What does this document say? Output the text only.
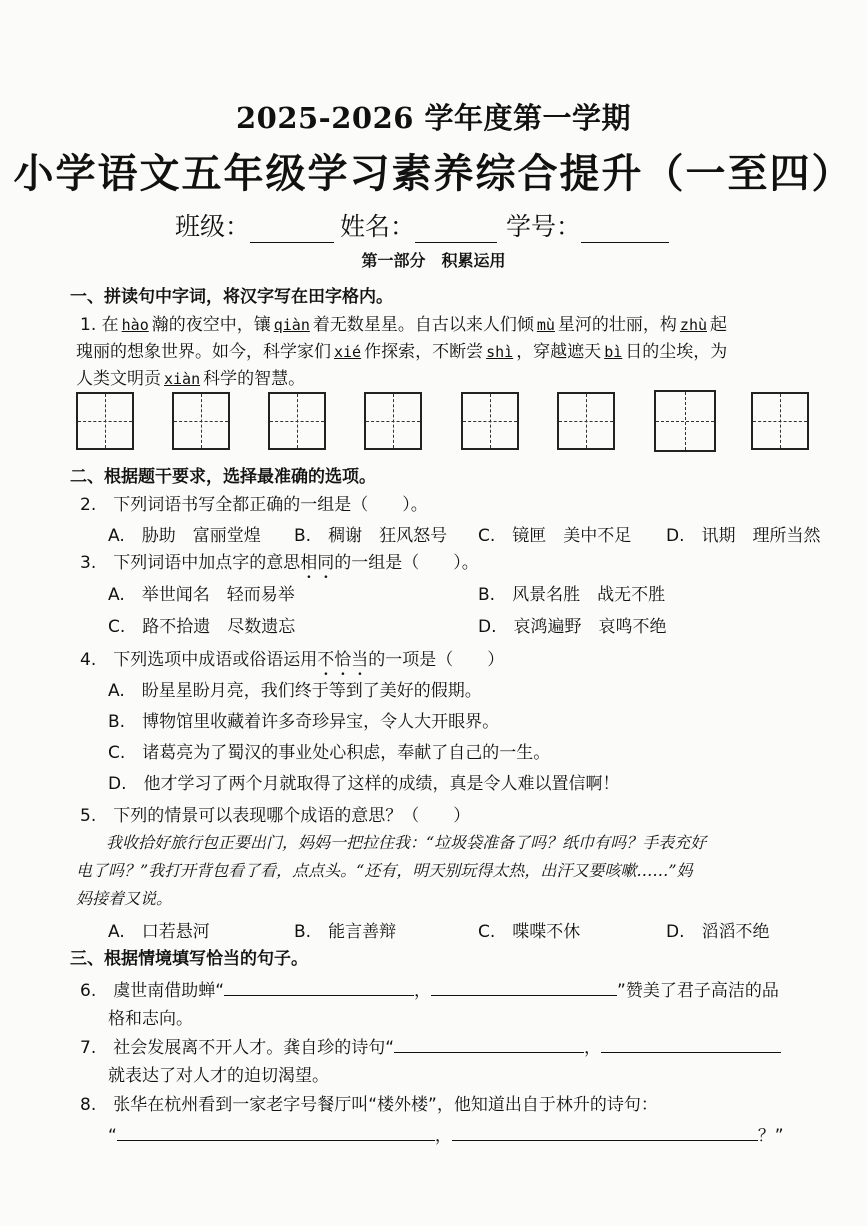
2025-2026 学年度第一学期
小学语文五年级学习素养综合提升（一至四）
班级：	姓名：	学号：
第一部分　积累运用
一、拼读句中字词，将汉字写在田字格内。
1. 在 hào 瀚的夜空中，镶 qiàn 着无数星星。自古以来人们倾 mù 星河的壮丽，构 zhù 起
瑰丽的想象世界。如今，科学家们 xié 作探索，不断尝 shì ，穿越遮天 bì 日的尘埃，为
人类文明贡 xiàn 科学的智慧。
二、根据题干要求，选择最准确的选项。
2.　下列词语书写全都正确的一组是（　　）。
A.　胁助　富丽堂煌 B.　稠谢　狂风怒号 C.　镜匣　美中不足 D.　讯期　理所当然
3.　下列词语中加点字的意思相同的一组是（　　）。
A.　举世闻名　轻而易举	B.　风景名胜　战无不胜
C.　路不拾遗　尽数遗忘	D.　哀鸿遍野　哀鸣不绝
4.　下列选项中成语或俗语运用不恰当的一项是（　　）
A.　盼星星盼月亮，我们终于等到了美好的假期。
B.　博物馆里收藏着许多奇珍异宝，令人大开眼界。
C.　诸葛亮为了蜀汉的事业处心积虑，奉献了自己的一生。
D.　他才学习了两个月就取得了这样的成绩，真是令人难以置信啊！
5.　下列的情景可以表现哪个成语的意思？（　　）
我收拾好旅行包正要出门，妈妈一把拉住我：“垃圾袋准备了吗？纸巾有吗？手表充好
电了吗？”我打开背包看了看，点点头。“还有，明天别玩得太热，出汗又要咳嗽……”妈
妈接着又说。
A.　口若悬河	B.　能言善辩	C.　喋喋不休	D.　滔滔不绝
三、根据情境填写恰当的句子。
6.　虞世南借助蝉“	，	”赞美了君子高洁的品
格和志向。
7.　社会发展离不开人才。龚自珍的诗句“	，
就表达了对人才的迫切渴望。
8.　张华在杭州看到一家老字号餐厅叫“楼外楼”，他知道出自于林升的诗句：
“	，	？”
